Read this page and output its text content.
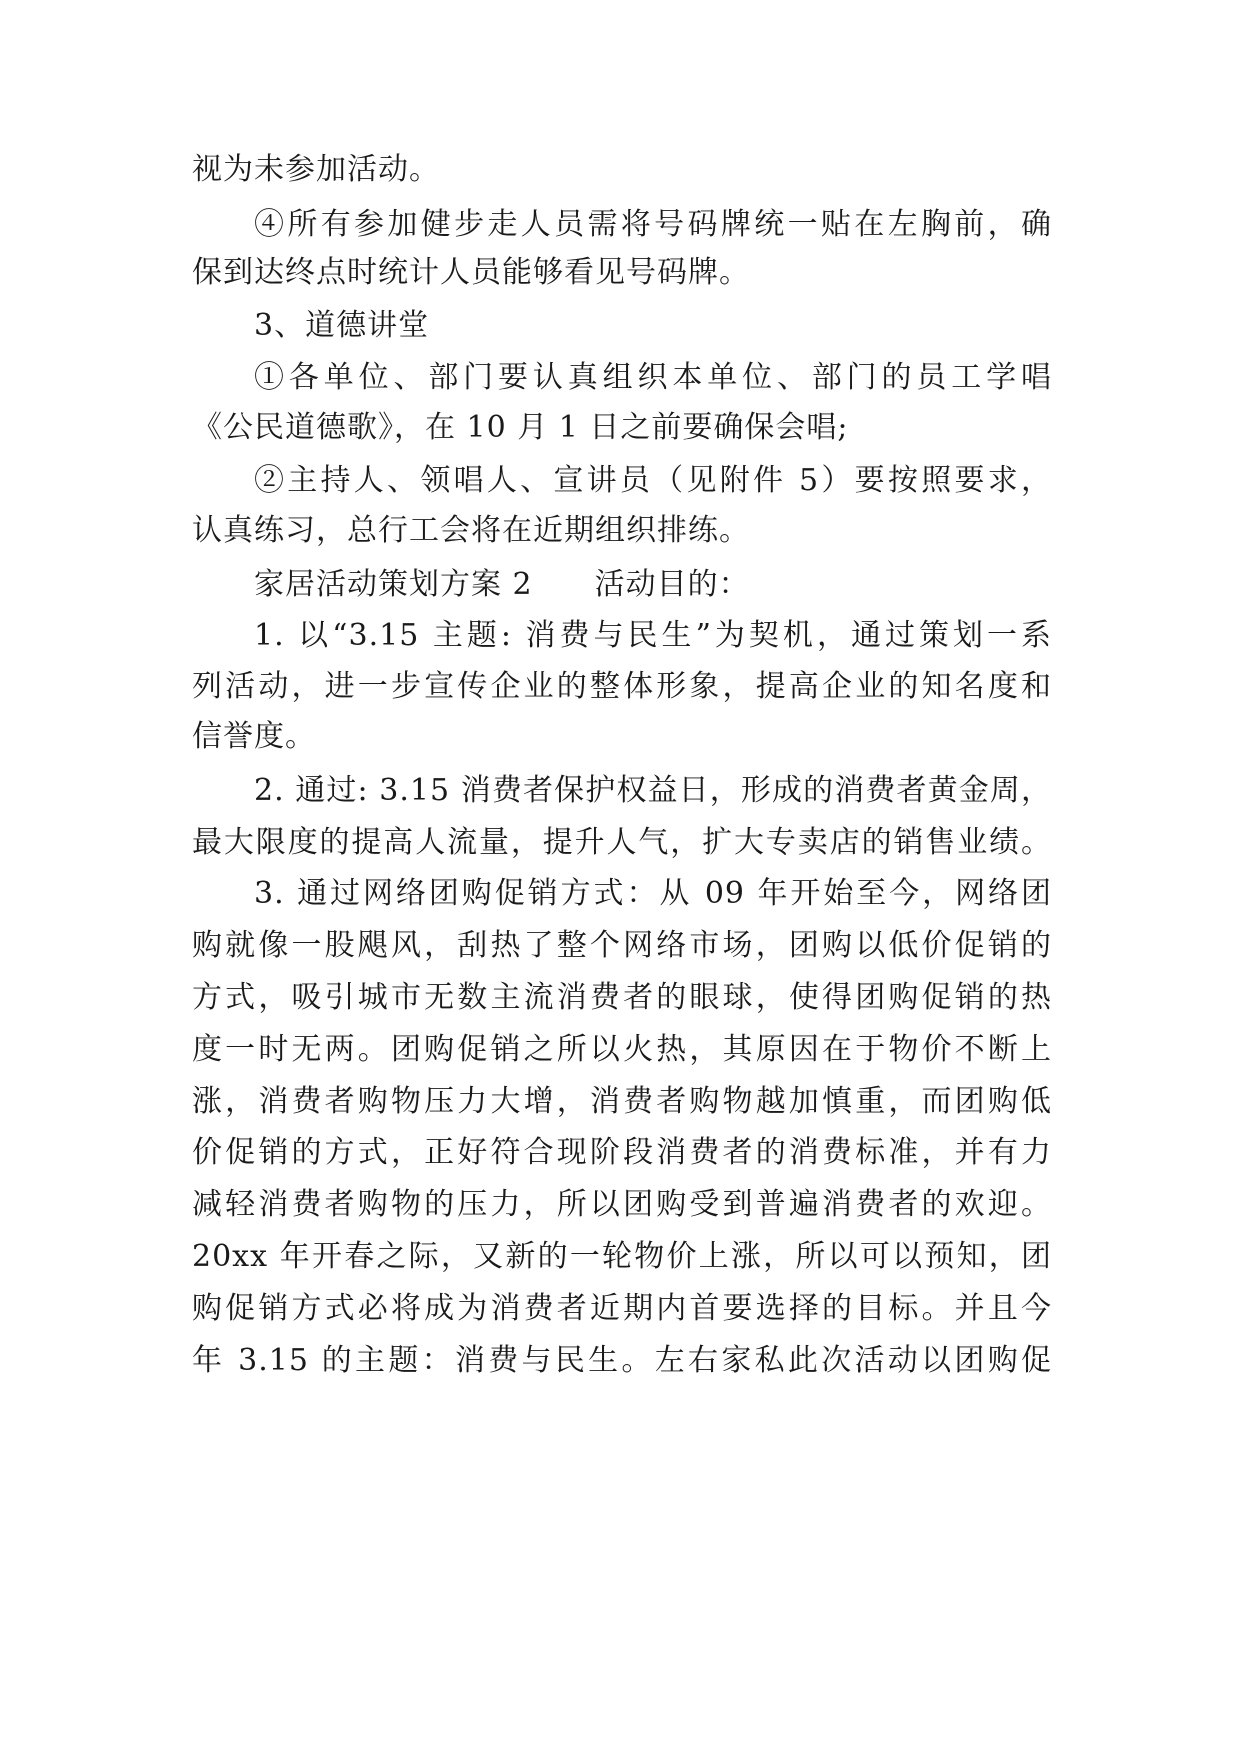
视为未参加活动。
④所有参加健步走人员需将号码牌统一贴在左胸前，确
保到达终点时统计人员能够看见号码牌。
3、道德讲堂
①各单位、部门要认真组织本单位、部门的员工学唱
《公民道德歌》，在 10 月 1 日之前要确保会唱;
②主持人、领唱人、宣讲员（见附件 5）要按照要求，
认真练习，总行工会将在近期组织排练。
家居活动策划方案 2　　活动目的：
1. 以“3.15 主题: 消费与民生”为契机，通过策划一系
列活动，进一步宣传企业的整体形象，提高企业的知名度和
信誉度。
2. 通过: 3.15 消费者保护权益日，形成的消费者黄金周，
最大限度的提高人流量，提升人气，扩大专卖店的销售业绩。
3. 通过网络团购促销方式：从 09 年开始至今，网络团
购就像一股飓风，刮热了整个网络市场，团购以低价促销的
方式，吸引城市无数主流消费者的眼球，使得团购促销的热
度一时无两。团购促销之所以火热，其原因在于物价不断上
涨，消费者购物压力大增，消费者购物越加慎重，而团购低
价促销的方式，正好符合现阶段消费者的消费标准，并有力
减轻消费者购物的压力，所以团购受到普遍消费者的欢迎。
20xx 年开春之际，又新的一轮物价上涨，所以可以预知，团
购促销方式必将成为消费者近期内首要选择的目标。并且今
年 3.15 的主题：消费与民生。左右家私此次活动以团购促
